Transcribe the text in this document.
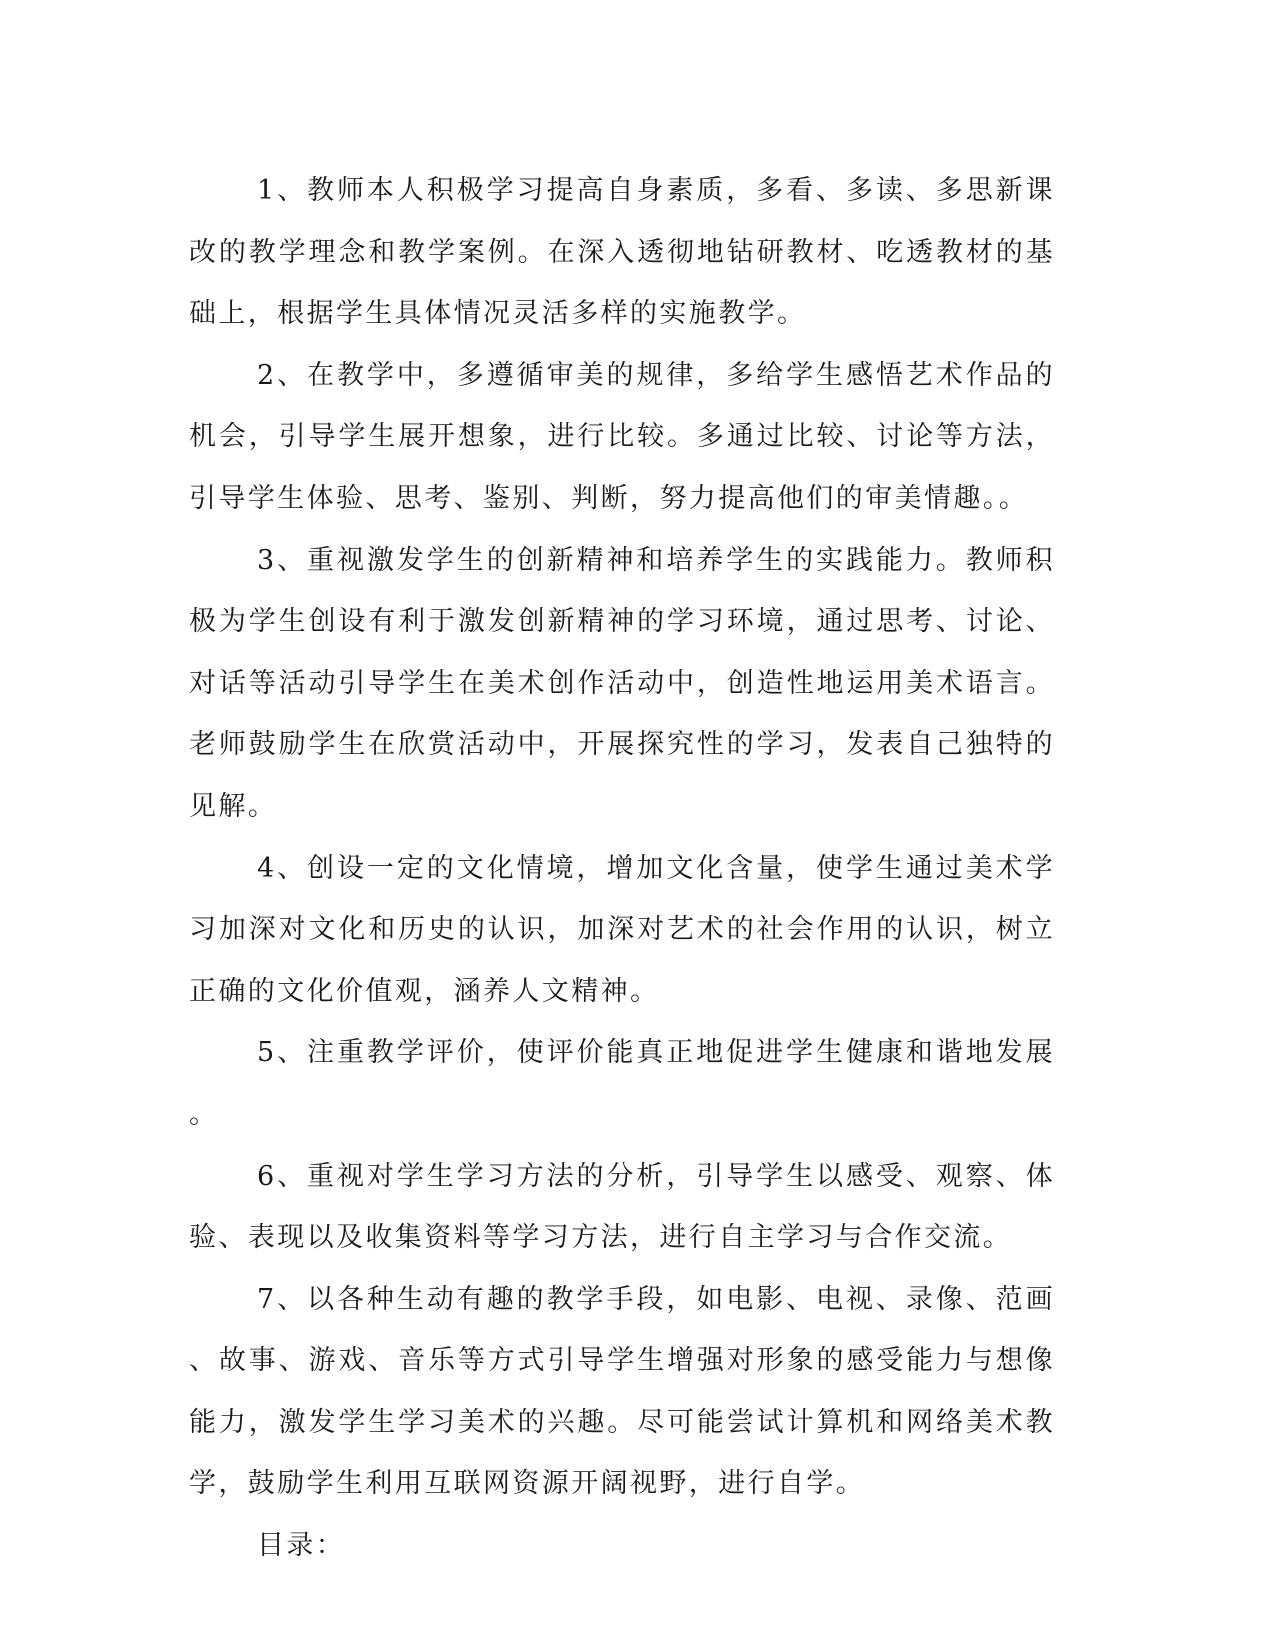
1、教师本人积极学习提高自身素质，多看、多读、多思新课改的教学理念和教学案例。在深入透彻地钻研教材、吃透教材的基础上，根据学生具体情况灵活多样的实施教学。

2、在教学中，多遵循审美的规律，多给学生感悟艺术作品的机会，引导学生展开想象，进行比较。多通过比较、讨论等方法，引导学生体验、思考、鉴别、判断，努力提高他们的审美情趣。。

3、重视激发学生的创新精神和培养学生的实践能力。教师积极为学生创设有利于激发创新精神的学习环境，通过思考、讨论、对话等活动引导学生在美术创作活动中，创造性地运用美术语言。老师鼓励学生在欣赏活动中，开展探究性的学习，发表自己独特的见解。

4、创设一定的文化情境，增加文化含量，使学生通过美术学习加深对文化和历史的认识，加深对艺术的社会作用的认识，树立正确的文化价值观，涵养人文精神。

5、注重教学评价，使评价能真正地促进学生健康和谐地发展。

6、重视对学生学习方法的分析，引导学生以感受、观察、体验、表现以及收集资料等学习方法，进行自主学习与合作交流。

7、以各种生动有趣的教学手段，如电影、电视、录像、范画、故事、游戏、音乐等方式引导学生增强对形象的感受能力与想像能力，激发学生学习美术的兴趣。尽可能尝试计算机和网络美术教学，鼓励学生利用互联网资源开阔视野，进行自学。

目录：
